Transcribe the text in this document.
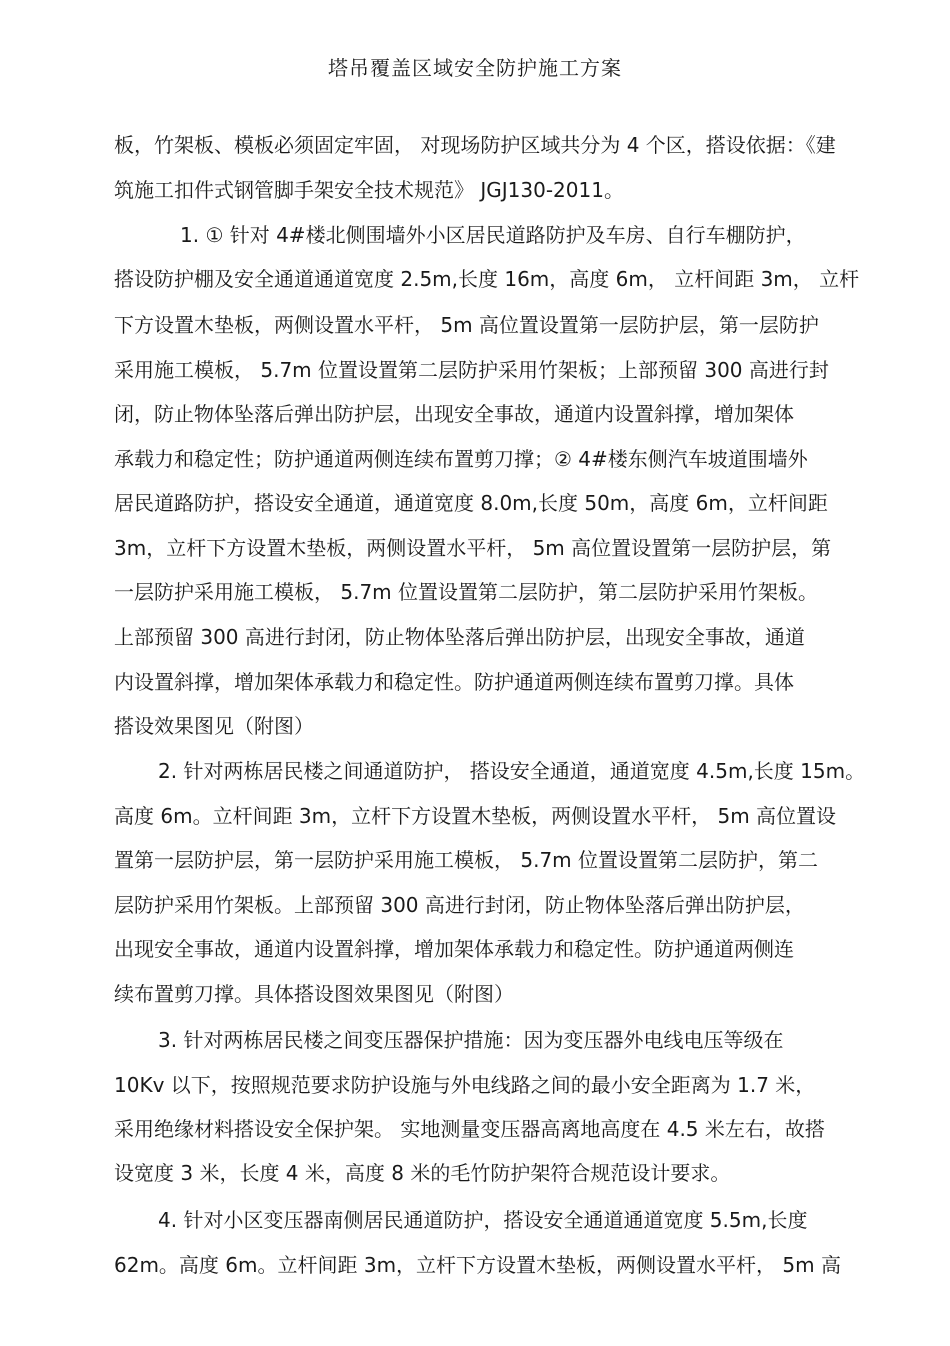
塔吊覆盖区域安全防护施工方案
板，竹架板、模板必须固定牢固， 对现场防护区域共分为 4 个区，搭设依据：《建
筑施工扣件式钢管脚手架安全技术规范》 JGJ130-2011。
1. ① 针对 4#楼北侧围墙外小区居民道路防护及车房、自行车棚防护，
搭设防护棚及安全通道通道宽度 2.5m,长度 16m，高度 6m， 立杆间距 3m， 立杆
下方设置木垫板，两侧设置水平杆， 5m 高位置设置第一层防护层，第一层防护
采用施工模板， 5.7m 位置设置第二层防护采用竹架板；上部预留 300 高进行封
闭，防止物体坠落后弹出防护层，出现安全事故，通道内设置斜撑，增加架体
承载力和稳定性；防护通道两侧连续布置剪刀撑；② 4#楼东侧汽车坡道围墙外
居民道路防护，搭设安全通道，通道宽度 8.0m,长度 50m，高度 6m，立杆间距
3m，立杆下方设置木垫板，两侧设置水平杆， 5m 高位置设置第一层防护层，第
一层防护采用施工模板， 5.7m 位置设置第二层防护，第二层防护采用竹架板。
上部预留 300 高进行封闭，防止物体坠落后弹出防护层，出现安全事故，通道
内设置斜撑，增加架体承载力和稳定性。防护通道两侧连续布置剪刀撑。具体
搭设效果图见（附图）
2. 针对两栋居民楼之间通道防护， 搭设安全通道，通道宽度 4.5m,长度 15m。
高度 6m。立杆间距 3m，立杆下方设置木垫板，两侧设置水平杆， 5m 高位置设
置第一层防护层，第一层防护采用施工模板， 5.7m 位置设置第二层防护，第二
层防护采用竹架板。上部预留 300 高进行封闭，防止物体坠落后弹出防护层，
出现安全事故，通道内设置斜撑，增加架体承载力和稳定性。防护通道两侧连
续布置剪刀撑。具体搭设图效果图见（附图）
3. 针对两栋居民楼之间变压器保护措施：因为变压器外电线电压等级在
10Kv 以下，按照规范要求防护设施与外电线路之间的最小安全距离为 1.7 米，
采用绝缘材料搭设安全保护架。 实地测量变压器高离地高度在 4.5 米左右，故搭
设宽度 3 米，长度 4 米，高度 8 米的毛竹防护架符合规范设计要求。
4. 针对小区变压器南侧居民通道防护，搭设安全通道通道宽度 5.5m,长度
62m。高度 6m。立杆间距 3m，立杆下方设置木垫板，两侧设置水平杆， 5m 高
